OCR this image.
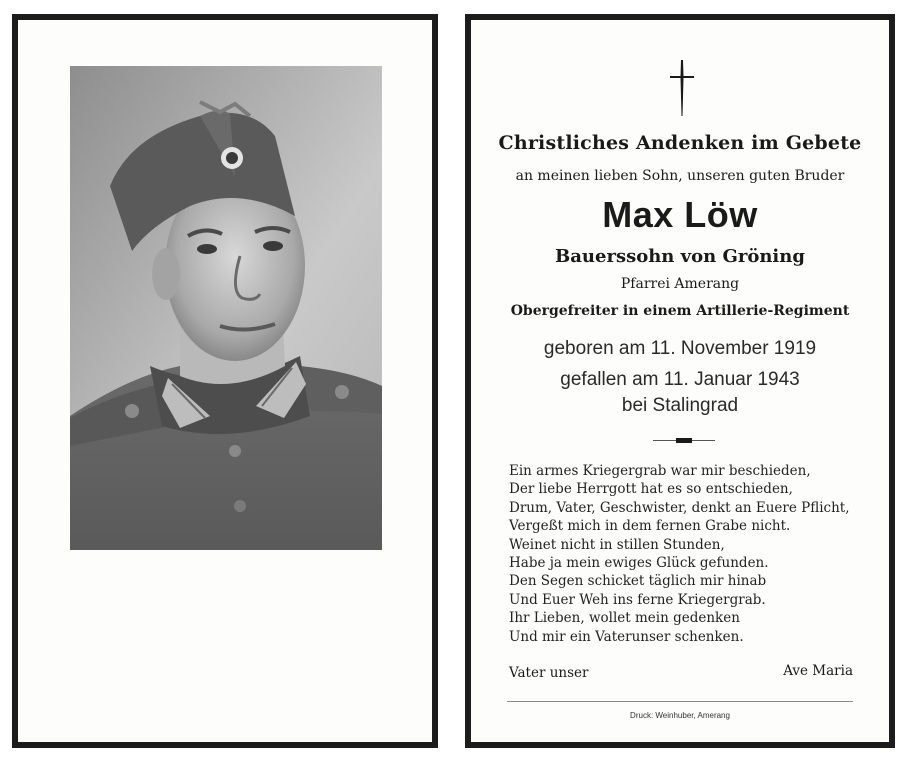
Christliches Andenken im Gebete
an meinen lieben Sohn, unseren guten Bruder
Max Löw
Bauerssohn von Gröning
Pfarrei Amerang
Obergefreiter in einem Artillerie-Regiment
geboren am 11. November 1919
gefallen am 11. Januar 1943
bei Stalingrad
Ein armes Kriegergrab war mir beschieden,
Der liebe Herrgott hat es so entschieden,
Drum, Vater, Geschwister, denkt an Euere Pflicht,
Vergeßt mich in dem fernen Grabe nicht.
Weinet nicht in stillen Stunden,
Habe ja mein ewiges Glück gefunden.
Den Segen schicket täglich mir hinab
Und Euer Weh ins ferne Kriegergrab.
Ihr Lieben, wollet mein gedenken
Und mir ein Vaterunser schenken.
Vater unser	Ave Maria
Druck: Weinhuber, Amerang
